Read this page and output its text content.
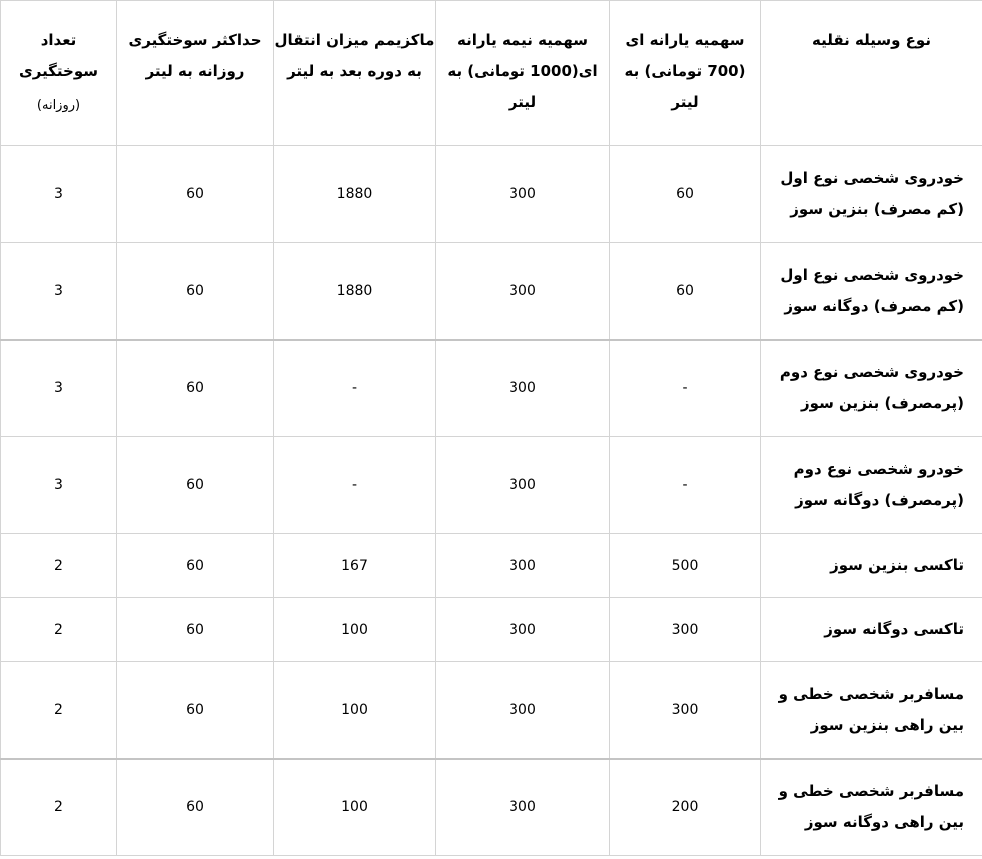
نوع وسیله نقلیه	سهمیه یارانه ای (700 تومانی) به لیتر	سهمیه نیمه یارانه ای(1000 تومانی) به لیتر	ماکزیمم میزان انتقال به دوره بعد به لیتر	حداکثر سوختگیری روزانه به لیتر	تعداد سوختگیری
(روزانه)

خودروی شخصی نوع اول (کم مصرف) بنزین سوز	60	300	1880	60	3
خودروی شخصی نوع اول (کم مصرف) دوگانه سوز	60	300	1880	60	3
خودروی شخصی نوع دوم (پرمصرف) بنزین سوز	-	300	-	60	3
خودرو شخصی نوع دوم (پرمصرف) دوگانه سوز	-	300	-	60	3
تاکسی بنزین سوز	500	300	167	60	2
تاکسی دوگانه سوز	300	300	100	60	2
مسافربر شخصی خطی و بین راهی بنزین سوز	300	300	100	60	2
مسافربر شخصی خطی و بین راهی دوگانه سوز	200	300	100	60	2
